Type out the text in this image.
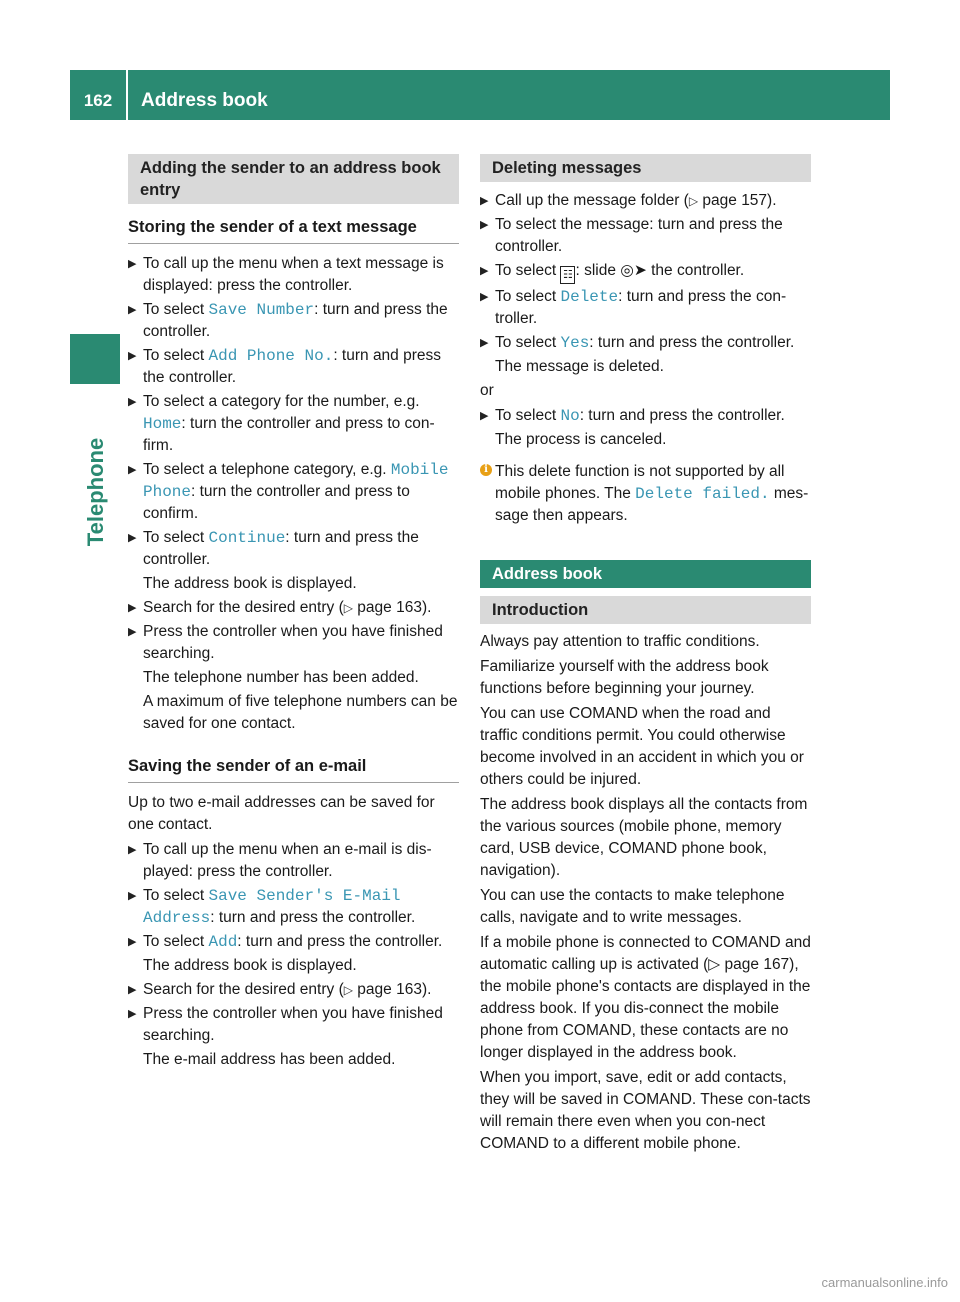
162	Address book
Telephone
Adding the sender to an address book entry
Storing the sender of a text message
▶ To call up the menu when a text message is displayed: press the controller.
▶ To select Save Number: turn and press the controller.
▶ To select Add Phone No.: turn and press the controller.
▶ To select a category for the number, e.g. Home: turn the controller and press to con-firm.
▶ To select a telephone category, e.g. Mobile Phone: turn the controller and press to confirm.
▶ To select Continue: turn and press the controller.
The address book is displayed.
▶ Search for the desired entry (▷ page 163).
▶ Press the controller when you have finished searching.
The telephone number has been added.
A maximum of five telephone numbers can be saved for one contact.
Saving the sender of an e-mail

Up to two e-mail addresses can be saved for one contact.

▶ To call up the menu when an e-mail is dis-played: press the controller.
▶ To select Save Sender's E-Mail Address: turn and press the controller.
▶ To select Add: turn and press the controller.
The address book is displayed.
▶ Search for the desired entry (▷ page 163).
▶ Press the controller when you have finished searching.
The e-mail address has been added.
Deleting messages
▶ Call up the message folder (▷ page 157).
▶ To select the message: turn and press the controller.
▶ To select ☷ : slide ◎➤ the controller.
▶ To select Delete: turn and press the con-troller.
▶ To select Yes: turn and press the controller.
The message is deleted.

or

▶ To select No: turn and press the controller.
The process is canceled.
i This delete function is not supported by all mobile phones. The Delete failed. mes-sage then appears.
Address book
Introduction

Always pay attention to traffic conditions.

Familiarize yourself with the address book functions before beginning your journey.

You can use COMAND when the road and traffic conditions permit. You could otherwise become involved in an accident in which you or others could be injured.

The address book displays all the contacts from the various sources (mobile phone, memory card, USB device, COMAND phone book, navigation).

You can use the contacts to make telephone calls, navigate and to write messages.

If a mobile phone is connected to COMAND and automatic calling up is activated (▷ page 167), the mobile phone's contacts are displayed in the address book. If you dis-connect the mobile phone from COMAND, these contacts are no longer displayed in the address book.

When you import, save, edit or add contacts, they will be saved in COMAND. These con-tacts will remain there even when you con-nect COMAND to a different mobile phone.

carmanualsonline.info
